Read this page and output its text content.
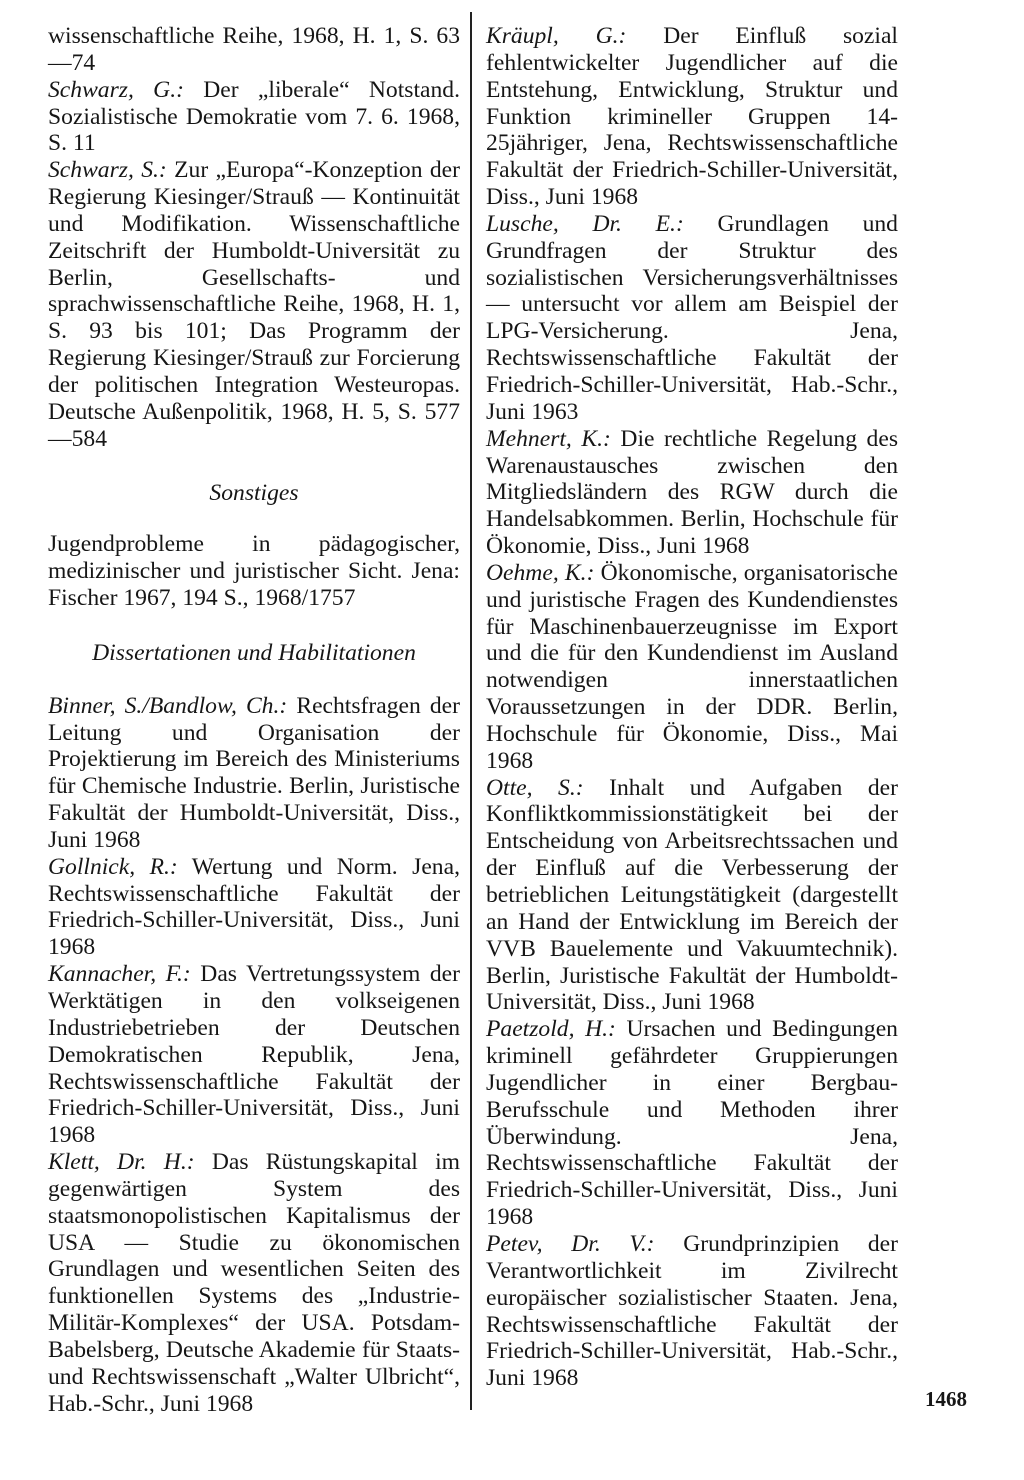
wissenschaftliche Reihe, 1968, H. 1, S. 63—74

Schwarz, G.: Der „liberale“ Notstand. Sozialistische Demokratie vom 7. 6. 1968, S. 11

Schwarz, S.: Zur „Europa“-Konzeption der Regierung Kiesinger/Strauß — Kontinuität und Modifikation. Wissenschaftliche Zeitschrift der Humboldt-Universität zu Berlin, Gesellschafts- und sprachwissenschaftliche Reihe, 1968, H. 1, S. 93 bis 101; Das Programm der Regierung Kiesinger/Strauß zur Forcierung der politischen Integration Westeuropas. Deutsche Außenpolitik, 1968, H. 5, S. 577—584

Sonstiges

Jugendprobleme in pädagogischer, medizinischer und juristischer Sicht. Jena: Fischer 1967, 194 S., 1968/1757

Dissertationen und Habilitationen

Binner, S./Bandlow, Ch.: Rechtsfragen der Leitung und Organisation der Projektierung im Bereich des Ministeriums für Chemische Industrie. Berlin, Juristische Fakultät der Humboldt-Universität, Diss., Juni 1968

Gollnick, R.: Wertung und Norm. Jena, Rechtswissenschaftliche Fakultät der Friedrich-Schiller-Universität, Diss., Juni 1968

Kannacher, F.: Das Vertretungssystem der Werktätigen in den volkseigenen Industriebetrieben der Deutschen Demokratischen Republik, Jena, Rechtswissenschaftliche Fakultät der Friedrich-Schiller-Universität, Diss., Juni 1968

Klett, Dr. H.: Das Rüstungskapital im gegenwärtigen System des staatsmonopolistischen Kapitalismus der USA — Studie zu ökonomischen Grundlagen und wesentlichen Seiten des funktionellen Systems des „Industrie-Militär-Komplexes“ der USA. Potsdam-Babelsberg, Deutsche Akademie für Staats- und Rechtswissenschaft „Walter Ulbricht“, Hab.-Schr., Juni 1968

Kräupl, G.: Der Einfluß sozial fehlentwickelter Jugendlicher auf die Entstehung, Entwicklung, Struktur und Funktion krimineller Gruppen 14-25jähriger, Jena, Rechtswissenschaftliche Fakultät der Friedrich-Schiller-Universität, Diss., Juni 1968

Lusche, Dr. E.: Grundlagen und Grundfragen der Struktur des sozialistischen Versicherungsverhältnisses — untersucht vor allem am Beispiel der LPG-Versicherung. Jena, Rechtswissenschaftliche Fakultät der Friedrich-Schiller-Universität, Hab.-Schr., Juni 1963

Mehnert, K.: Die rechtliche Regelung des Warenaustausches zwischen den Mitgliedsländern des RGW durch die Handelsabkommen. Berlin, Hochschule für Ökonomie, Diss., Juni 1968

Oehme, K.: Ökonomische, organisatorische und juristische Fragen des Kundendienstes für Maschinenbauerzeugnisse im Export und die für den Kundendienst im Ausland notwendigen innerstaatlichen Voraussetzungen in der DDR. Berlin, Hochschule für Ökonomie, Diss., Mai 1968

Otte, S.: Inhalt und Aufgaben der Konfliktkommissionstätigkeit bei der Entscheidung von Arbeitsrechtssachen und der Einfluß auf die Verbesserung der betrieblichen Leitungstätigkeit (dargestellt an Hand der Entwicklung im Bereich der VVB Bauelemente und Vakuumtechnik). Berlin, Juristische Fakultät der Humboldt-Universität, Diss., Juni 1968

Paetzold, H.: Ursachen und Bedingungen kriminell gefährdeter Gruppierungen Jugendlicher in einer Bergbau-Berufsschule und Methoden ihrer Überwindung. Jena, Rechtswissenschaftliche Fakultät der Friedrich-Schiller-Universität, Diss., Juni 1968

Petev, Dr. V.: Grundprinzipien der Verantwortlichkeit im Zivilrecht europäischer sozialistischer Staaten. Jena, Rechtswissenschaftliche Fakultät der Friedrich-Schiller-Universität, Hab.-Schr., Juni 1968

1468
